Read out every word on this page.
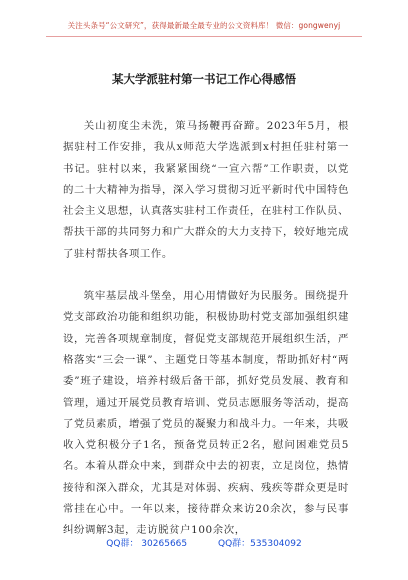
关注头条号“公文研究”，获得最新最全最专业的公文资料库！ 微信：gongwenyj
某大学派驻村第一书记工作心得感悟

关山初度尘未洗，策马扬鞭再奋蹄。2023年5月，根据驻村工作安排，我从x师范大学选派到x村担任驻村第一书记。驻村以来，我紧紧围绕“一宣六帮”工作职责，以党的二十大精神为指导，深入学习贯彻习近平新时代中国特色社会主义思想，认真落实驻村工作责任，在驻村工作队员、帮扶干部的共同努力和广大群众的大力支持下，较好地完成了驻村帮扶各项工作。

筑牢基层战斗堡垒，用心用情做好为民服务。围绕提升党支部政治功能和组织功能，积极协助村党支部加强组织建设，完善各项规章制度，督促党支部规范开展组织生活，严格落实“三会一课”、主题党日等基本制度，帮助抓好村“两委”班子建设，培养村级后备干部，抓好党员发展、教育和管理，通过开展党员教育培训、党员志愿服务等活动，提高了党员素质，增强了党员的凝聚力和战斗力。一年来，共吸收入党积极分子1名，预备党员转正2名，慰问困难党员5名。本着从群众中来，到群众中去的初衷，立足岗位，热情接待和深入群众，尤其是对体弱、疾病、残疾等群众更是时常挂在心中。一年以来，接待群众来访20余次，参与民事纠纷调解3起，走访脱贫户100余次，

QQ群： 30265665	QQ群：535304092
